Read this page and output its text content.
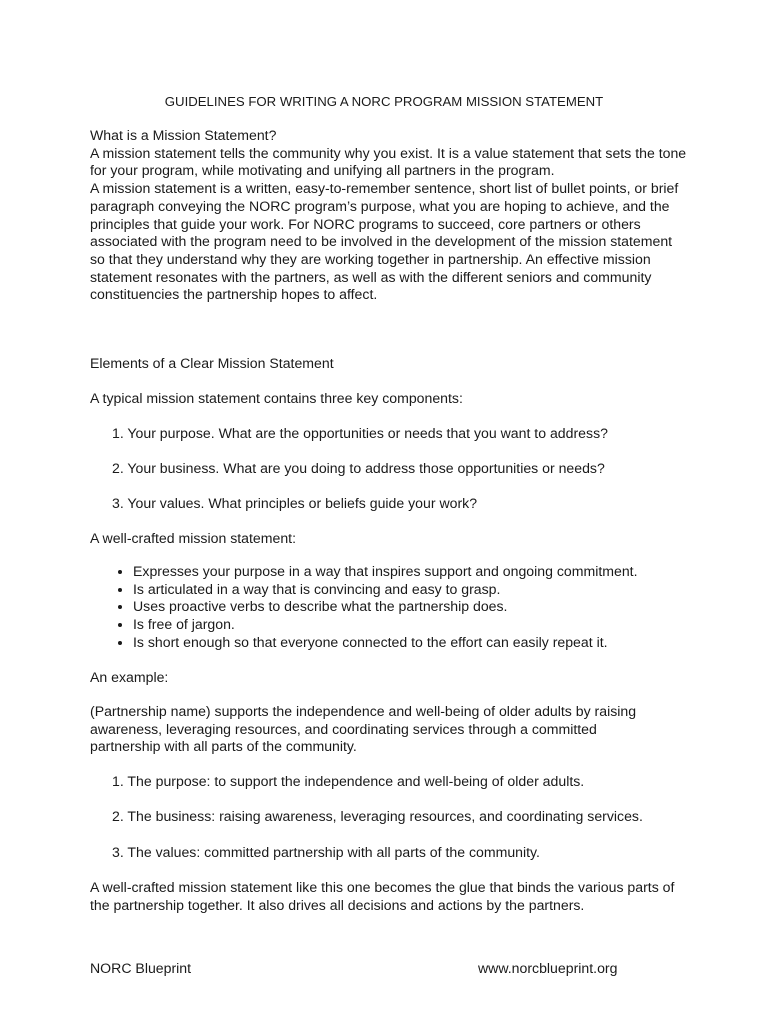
GUIDELINES FOR WRITING A NORC PROGRAM MISSION STATEMENT

What is a Mission Statement?

A mission statement tells the community why you exist. It is a value statement that sets the tone for your program, while motivating and unifying all partners in the program.

A mission statement is a written, easy-to-remember sentence, short list of bullet points, or brief paragraph conveying the NORC program’s purpose, what you are hoping to achieve, and the principles that guide your work. For NORC programs to succeed, core partners or others associated with the program need to be involved in the development of the mission statement so that they understand why they are working together in partnership. An effective mission statement resonates with the partners, as well as with the different seniors and community constituencies the partnership hopes to affect.

Elements of a Clear Mission Statement
A typical mission statement contains three key components:
1. Your purpose. What are the opportunities or needs that you want to address?
2. Your business. What are you doing to address those opportunities or needs?
3. Your values. What principles or beliefs guide your work?
A well-crafted mission statement:
• Expresses your purpose in a way that inspires support and ongoing commitment.
• Is articulated in a way that is convincing and easy to grasp.
• Uses proactive verbs to describe what the partnership does.
• Is free of jargon.
• Is short enough so that everyone connected to the effort can easily repeat it.
An example:
(Partnership name) supports the independence and well-being of older adults by raising awareness, leveraging resources, and coordinating services through a committed partnership with all parts of the community.
1. The purpose: to support the independence and well-being of older adults.
2. The business: raising awareness, leveraging resources, and coordinating services.
3. The values: committed partnership with all parts of the community.
A well-crafted mission statement like this one becomes the glue that binds the various parts of the partnership together. It also drives all decisions and actions by the partners.
NORC Blueprint	www.norcblueprint.org
